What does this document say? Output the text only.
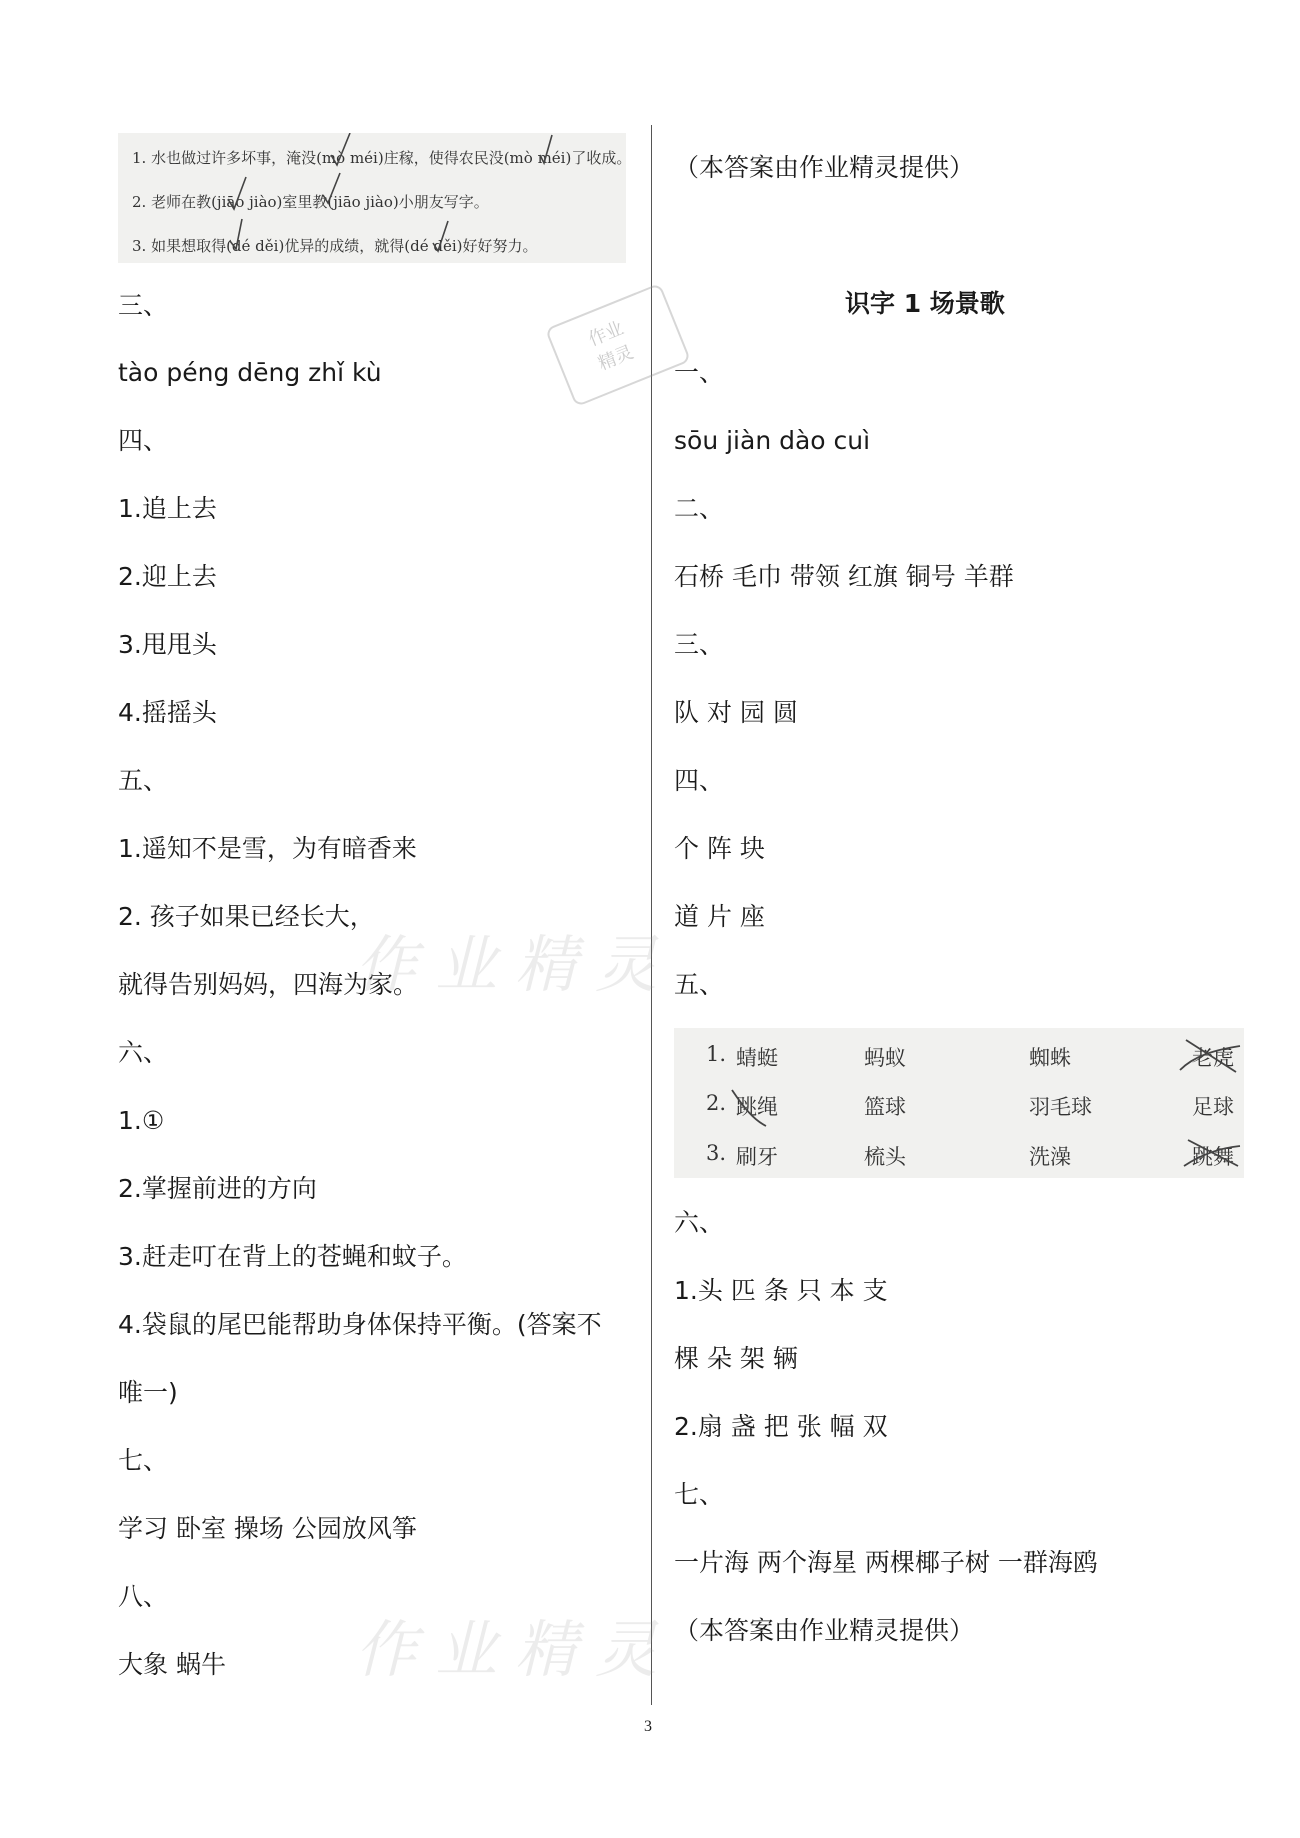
1. 水也做过许多坏事，淹没(mò méi)庄稼，使得农民没(mò méi)了收成。
2. 老师在教(jiāo jiào)室里教(jiāo jiào)小朋友写字。
3. 如果想取得(dé děi)优异的成绩，就得(dé děi)好好努力。
三、
tào péng dēng zhǐ kù
四、
1.追上去
2.迎上去
3.甩甩头
4.摇摇头
五、
1.遥知不是雪，为有暗香来
2. 孩子如果已经长大，
就得告别妈妈，四海为家。
六、
1.①
2.掌握前进的方向
3.赶走叮在背上的苍蝇和蚊子。
4.袋鼠的尾巴能帮助身体保持平衡。(答案不
唯一)
七、
学习 卧室 操场 公园放风筝
八、
大象 蜗牛
（本答案由作业精灵提供）
识字 1 场景歌
一、
sōu jiàn dào cuì
二、
石桥 毛巾 带领 红旗 铜号 羊群
三、
队 对 园 圆
四、
个 阵 块
道 片 座
五、
1. 蜻蜓	蚂蚁	蜘蛛	老虎
2. 跳绳	篮球	羽毛球	足球
3. 刷牙	梳头	洗澡	跳舞
六、
1.头 匹 条 只 本 支
棵 朵 架 辆
2.扇 盏 把 张 幅 双
七、
一片海 两个海星 两棵椰子树 一群海鸥
（本答案由作业精灵提供）
作业精灵
作业精灵
作业
精灵
3
